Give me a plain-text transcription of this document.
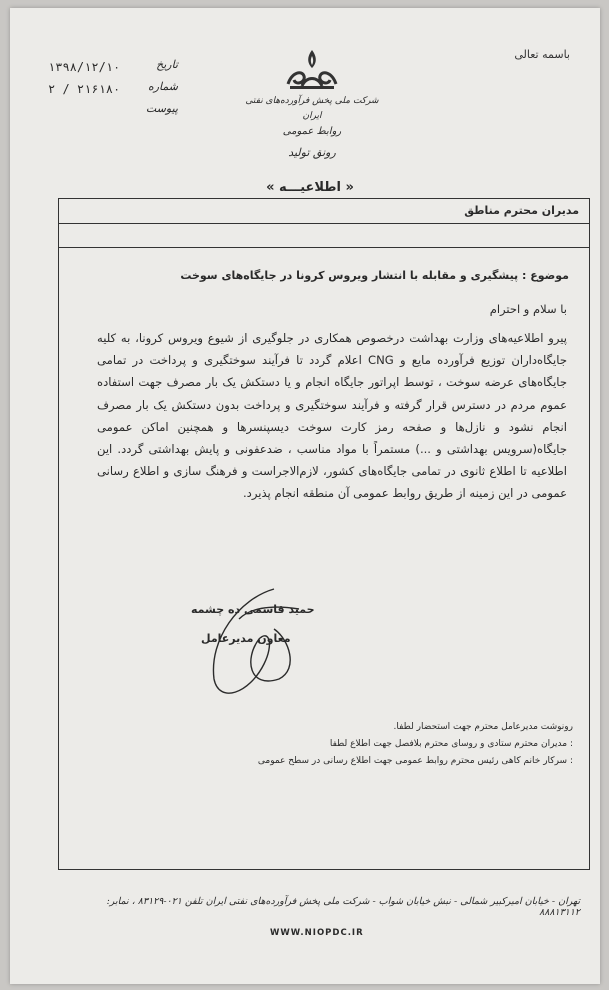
باسمه تعالی
۱۳۹۸/۱۲/۱۰	تاریخ
۲ / ۲۱۶۱۸۰	شماره
پیوست
شرکت ملی پخش فرآورده‌های نفتی ایران
روابط عمومی
رونق تولید
« اطلاعیـــه »
مدیران محترم مناطق
موضوع : پیشگیری و مقابله با انتشار ویروس کرونا در جایگاه‌های سوخت
با سلام و احترام
پیرو اطلاعیه‌های وزارت بهداشت درخصوص همکاری در جلوگیری از شیوع ویروس کرونا، به کلیه جایگاه‌داران توزیع فرآورده مایع و CNG اعلام گردد تا فرآیند سوختگیری و پرداخت در تمامی جایگاه‌های عرضه سوخت ، توسط اپراتور جایگاه انجام و یا دستکش یک بار مصرف جهت استفاده عموم مردم در دسترس قرار گرفته و فرآیند سوختگیری و پرداخت بدون دستکش یک بار مصرف انجام نشود و نازل‌ها و صفحه رمز کارت سوخت دیسپنسرها و همچنین اماکن عمومی جایگاه(سرویس بهداشتی و ...) مستمراً با مواد مناسب ، ضدعفونی و پایش بهداشتی گردد. این اطلاعیه تا اطلاع ثانوی در تمامی جایگاه‌های کشور، لازم‌الاجراست و فرهنگ سازی و اطلاع رسانی عمومی در این زمینه از طریق روابط عمومی آن منطقه انجام پذیرد.
حمید قاسمی ده چشمه
معاون مدیرعامل
رونوشت مدیرعامل محترم جهت استحضار لطفا.
: مدیران محترم ستادی و روسای محترم بلافصل جهت اطلاع لطفا
: سرکار خانم کاهی رئیس محترم روابط عمومی جهت اطلاع رسانی در سطح عمومی
تهران - خیابان امیرکبیر شمالی - نبش خیابان شواب - شرکت ملی پخش فرآورده‌های نفتی ایران تلفن ۰۲۱-۸۳۱۲۹ ، نمابر: ۸۸۸۱۳۱۱۲
WWW.NIOPDC.IR
